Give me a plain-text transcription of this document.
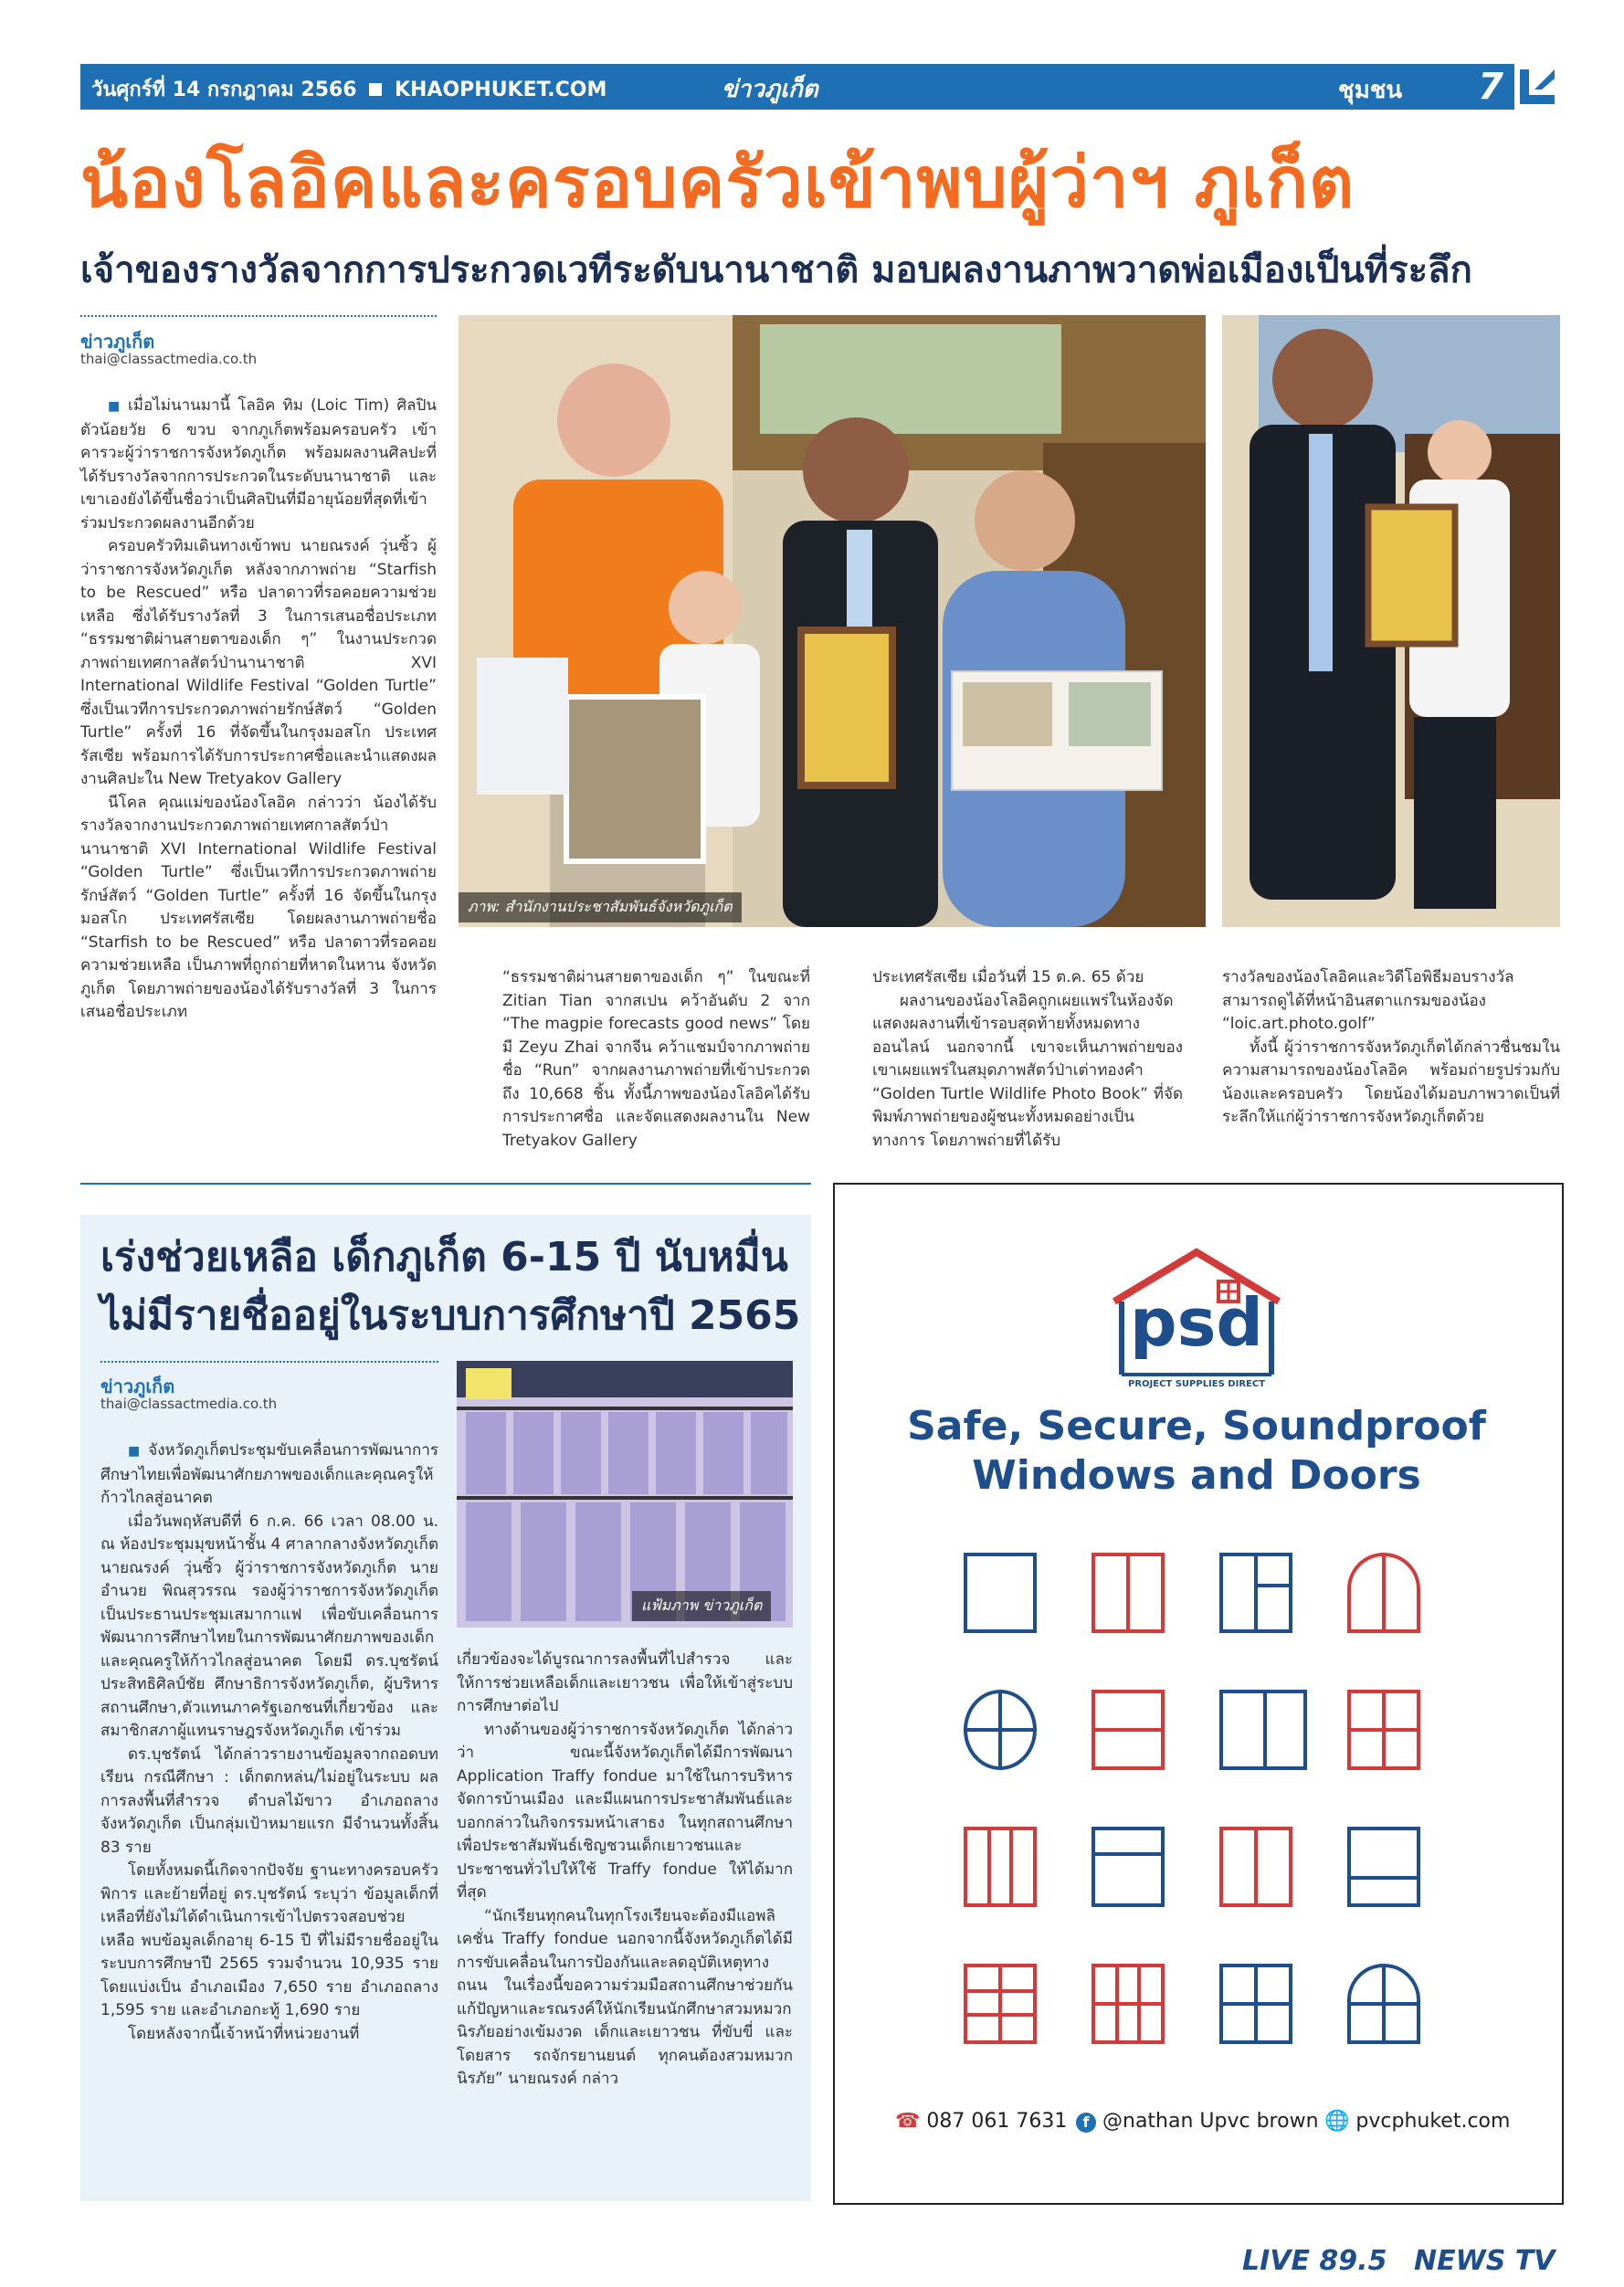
วันศุกร์ที่ 14 กรกฎาคม 2566 KHAOPHUKET.COM	ข่าวภูเก็ต	ชุมชน 7
น้องโลอิคและครอบครัวเข้าพบผู้ว่าฯ ภูเก็ต
เจ้าของรางวัลจากการประกวดเวทีระดับนานาชาติ มอบผลงานภาพวาดพ่อเมืองเป็นที่ระลึก
ข่าวภูเก็ต
thai@classactmedia.co.th

■ เมื่อไม่นานมานี้ โลอิค ทิม (Loic Tim) ศิลปินตัวน้อยวัย 6 ขวบ จากภูเก็ตพร้อมครอบครัว เข้าคารวะผู้ว่าราชการจังหวัดภูเก็ต พร้อมผลงานศิลปะที่ได้รับรางวัลจากการประกวดในระดับนานาชาติ และเขาเองยังได้ขึ้นชื่อว่าเป็นศิลปินที่มีอายุน้อยที่สุดที่เข้าร่วมประกวดผลงานอีกด้วย

ครอบครัวทิมเดินทางเข้าพบ นายณรงค์ วุ่นซิ้ว ผู้ว่าราชการจังหวัดภูเก็ต หลังจากภาพถ่าย “Starfish to be Rescued” หรือ ปลาดาวที่รอคอยความช่วยเหลือ ซึ่งได้รับรางวัลที่ 3 ในการเสนอชื่อประเภท “ธรรมชาติผ่านสายตาของเด็ก ๆ” ในงานประกวดภาพถ่ายเทศกาลสัตว์ป่านานาชาติ XVI International Wildlife Festival “Golden Turtle” ซึ่งเป็นเวทีการประกวดภาพถ่ายรักษ์สัตว์ “Golden Turtle” ครั้งที่ 16 ที่จัดขึ้นในกรุงมอสโก ประเทศรัสเซีย พร้อมการได้รับการประกาศชื่อและนำแสดงผลงานศิลปะใน New Tretyakov Gallery

นีโคล คุณแม่ของน้องโลอิค กล่าวว่า น้องได้รับรางวัลจากงานประกวดภาพถ่ายเทศกาลสัตว์ป่านานาชาติ XVI International Wildlife Festival “Golden Turtle” ซึ่งเป็นเวทีการประกวดภาพถ่ายรักษ์สัตว์ “Golden Turtle” ครั้งที่ 16 จัดขึ้นในกรุงมอสโก ประเทศรัสเซีย โดยผลงานภาพถ่ายชื่อ “Starfish to be Rescued” หรือ ปลาดาวที่รอคอยความช่วยเหลือ เป็นภาพที่ถูกถ่ายที่หาดในหาน จังหวัดภูเก็ต โดยภาพถ่ายของน้องได้รับรางวัลที่ 3 ในการเสนอชื่อประเภท

ภาพ: สำนักงานประชาสัมพันธ์จังหวัดภูเก็ต

“ธรรมชาติผ่านสายตาของเด็ก ๆ” ในขณะที่ Zitian Tian จากสเปน คว้าอันดับ 2 จาก “The magpie forecasts good news” โดยมี Zeyu Zhai จากจีน คว้าแชมป์จากภาพถ่ายชื่อ “Run” จากผลงานภาพถ่ายที่เข้าประกวดถึง 10,668 ชิ้น ทั้งนี้ภาพของน้องโลอิคได้รับการประกาศชื่อ และจัดแสดงผลงานใน New Tretyakov Gallery

ประเทศรัสเซีย เมื่อวันที่ 15 ต.ค. 65 ด้วย

ผลงานของน้องโลอิคถูกเผยแพร่ในห้องจัดแสดงผลงานที่เข้ารอบสุดท้ายทั้งหมดทางออนไลน์ นอกจากนี้ เขาจะเห็นภาพถ่ายของเขาเผยแพร่ในสมุดภาพสัตว์ป่าเต่าทองคำ “Golden Turtle Wildlife Photo Book” ที่จัดพิมพ์ภาพถ่ายของผู้ชนะทั้งหมดอย่างเป็นทางการ โดยภาพถ่ายที่ได้รับ

รางวัลของน้องโลอิคและวิดีโอพิธีมอบรางวัลสามารถดูได้ที่หน้าอินสตาแกรมของน้อง “loic.art.photo.golf”

ทั้งนี้ ผู้ว่าราชการจังหวัดภูเก็ตได้กล่าวชื่นชมในความสามารถของน้องโลอิค พร้อมถ่ายรูปร่วมกับน้องและครอบครัว โดยน้องได้มอบภาพวาดเป็นที่ระลึกให้แก่ผู้ว่าราชการจังหวัดภูเก็ตด้วย

เร่งช่วยเหลือ เด็กภูเก็ต 6-15 ปี นับหมื่น
ไม่มีรายชื่ออยู่ในระบบการศึกษาปี 2565
ข่าวภูเก็ต
thai@classactmedia.co.th
แฟ้มภาพ ข่าวภูเก็ต

■ จังหวัดภูเก็ตประชุมขับเคลื่อนการพัฒนาการศึกษาไทยเพื่อพัฒนาศักยภาพของเด็กและคุณครูให้ก้าวไกลสู่อนาคต

เมื่อวันพฤหัสบดีที่ 6 ก.ค. 66 เวลา 08.00 น. ณ ห้องประชุมมุขหน้าชั้น 4 ศาลากลางจังหวัดภูเก็ต นายณรงค์ วุ่นซิ้ว ผู้ว่าราชการจังหวัดภูเก็ต นายอำนวย พิณสุวรรณ รองผู้ว่าราชการจังหวัดภูเก็ต เป็นประธานประชุมเสมากาแฟ เพื่อขับเคลื่อนการพัฒนาการศึกษาไทยในการพัฒนาศักยภาพของเด็กและคุณครูให้ก้าวไกลสู่อนาคต โดยมี ดร.บุชรัตน์ ประสิทธิศิลป์ชัย ศึกษาธิการจังหวัดภูเก็ต, ผู้บริหารสถานศึกษา,ตัวแทนภาครัฐเอกชนที่เกี่ยวข้อง และสมาชิกสภาผู้แทนราษฎรจังหวัดภูเก็ต เข้าร่วม

ดร.บุชรัตน์ ได้กล่าวรายงานข้อมูลจากถอดบทเรียน กรณีศึกษา : เด็กตกหล่น/ไม่อยู่ในระบบ ผลการลงพื้นที่สำรวจ ตำบลไม้ขาว อำเภอถลาง จังหวัดภูเก็ต เป็นกลุ่มเป้าหมายแรก มีจำนวนทั้งสิ้น 83 ราย

โดยทั้งหมดนี้เกิดจากปัจจัย ฐานะทางครอบครัว พิการ และย้ายที่อยู่ ดร.บุชรัตน์ ระบุว่า ข้อมูลเด็กที่เหลือที่ยังไม่ได้ดำเนินการเข้าไปตรวจสอบช่วยเหลือ พบข้อมูลเด็กอายุ 6-15 ปี ที่ไม่มีรายชื่ออยู่ในระบบการศึกษาปี 2565 รวมจำนวน 10,935 รายโดยแบ่งเป็น อำเภอเมือง 7,650 ราย อำเภอถลาง 1,595 ราย และอำเภอกะทู้ 1,690 ราย

โดยหลังจากนี้เจ้าหน้าที่หน่วยงานที่

เกี่ยวข้องจะได้บูรณาการลงพื้นที่ไปสำรวจ และให้การช่วยเหลือเด็กและเยาวชน เพื่อให้เข้าสู่ระบบการศึกษาต่อไป

ทางด้านของผู้ว่าราชการจังหวัดภูเก็ต ได้กล่าวว่า ขณะนี้จังหวัดภูเก็ตได้มีการพัฒนา Application Traffy fondue มาใช้ในการบริหารจัดการบ้านเมือง และมีแผนการประชาสัมพันธ์และบอกกล่าวในกิจกรรมหน้าเสาธง ในทุกสถานศึกษา เพื่อประชาสัมพันธ์เชิญชวนเด็กเยาวชนและประชาชนทั่วไปให้ใช้ Traffy fondue ให้ได้มากที่สุด

“นักเรียนทุกคนในทุกโรงเรียนจะต้องมีแอพลิเคชั่น Traffy fondue นอกจากนี้จังหวัดภูเก็ตได้มีการขับเคลื่อนในการป้องกันและลดอุบัติเหตุทางถนน ในเรื่องนี้ขอความร่วมมือสถานศึกษาช่วยกันแก้ปัญหาและรณรงค์ให้นักเรียนนักศึกษาสวมหมวกนิรภัยอย่างเข้มงวด เด็กและเยาวชน ที่ขับขี่ และโดยสาร รถจักรยานยนต์ ทุกคนต้องสวมหมวกนิรภัย” นายณรงค์ กล่าว

psd
PROJECT SUPPLIES DIRECT
Safe, Secure, Soundproof
Windows and Doors
☎ 087 061 7631	f @nathan Upvc brown 🌐 pvcphuket.com
LIVE 89.5 NEWS TV
